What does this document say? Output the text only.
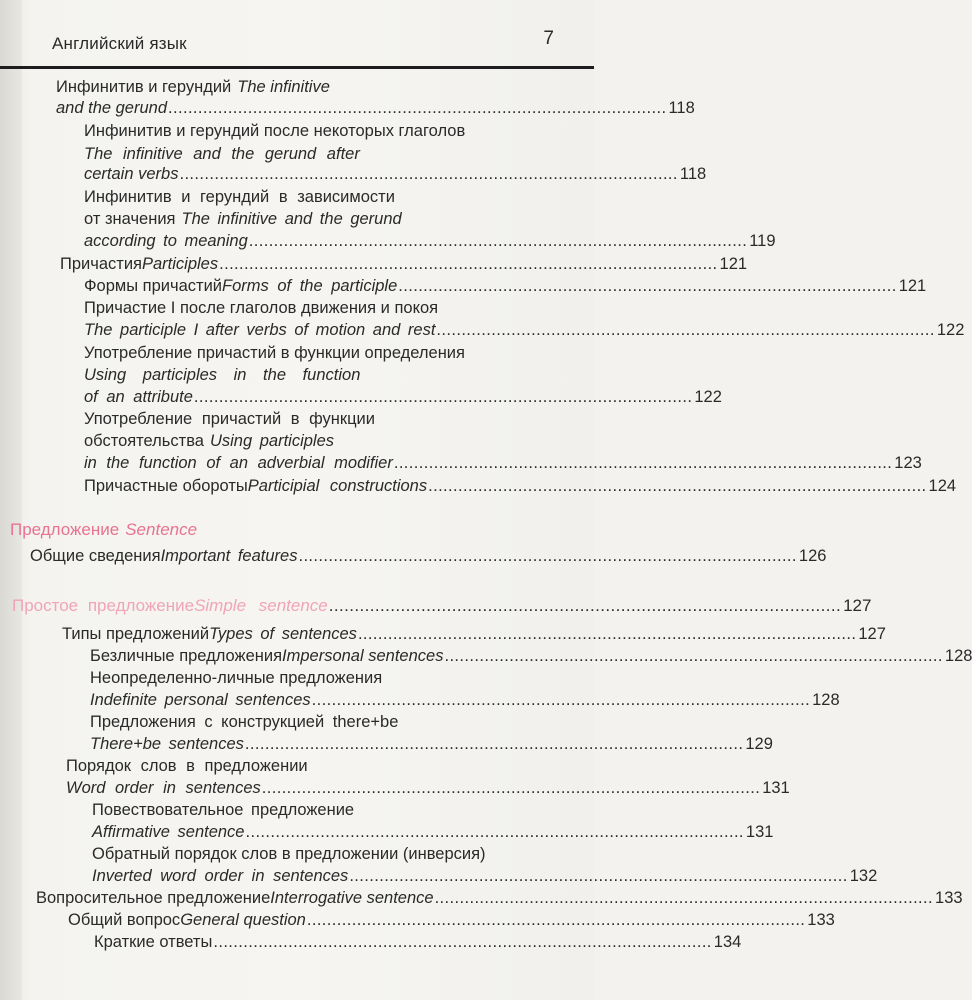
Английский язык	7
Инфинитив и герундий The infinitive
and the gerund .................................................................................................... 118
Инфинитив и герундий после некоторых глаголов
The infinitive and the gerund after
certain verbs .................................................................................................... 118
Инфинитив и герундий в зависимости
от значения The infinitive and the gerund
according to meaning .................................................................................................... 119
Причастия Participles .................................................................................................... 121
Формы причастий Forms of the participle .................................................................................................... 121
Причастие I после глаголов движения и покоя
The participle I after verbs of motion and rest .................................................................................................... 122
Употребление причастий в функции определения
Using participles in the function
of an attribute .................................................................................................... 122
Употребление причастий в функции
обстоятельства Using participles
in the function of an adverbial modifier .................................................................................................... 123
Причастные обороты Participial constructions .................................................................................................... 124
Предложение Sentence
Общие сведения Important features .................................................................................................... 126
Простое предложение Simple sentence .................................................................................................... 127
Типы предложений Types of sentences .................................................................................................... 127
Безличные предложения Impersonal sentences .................................................................................................... 128
Неопределенно-личные предложения
Indefinite personal sentences .................................................................................................... 128
Предложения с конструкцией there+be
There+be sentences .................................................................................................... 129
Порядок слов в предложении
Word order in sentences .................................................................................................... 131
Повествовательное предложение
Affirmative sentence .................................................................................................... 131
Обратный порядок слов в предложении (инверсия)
Inverted word order in sentences .................................................................................................... 132
Вопросительное предложение Interrogative sentence .................................................................................................... 133
Общий вопрос General question .................................................................................................... 133
Краткие ответы .................................................................................................... 134
